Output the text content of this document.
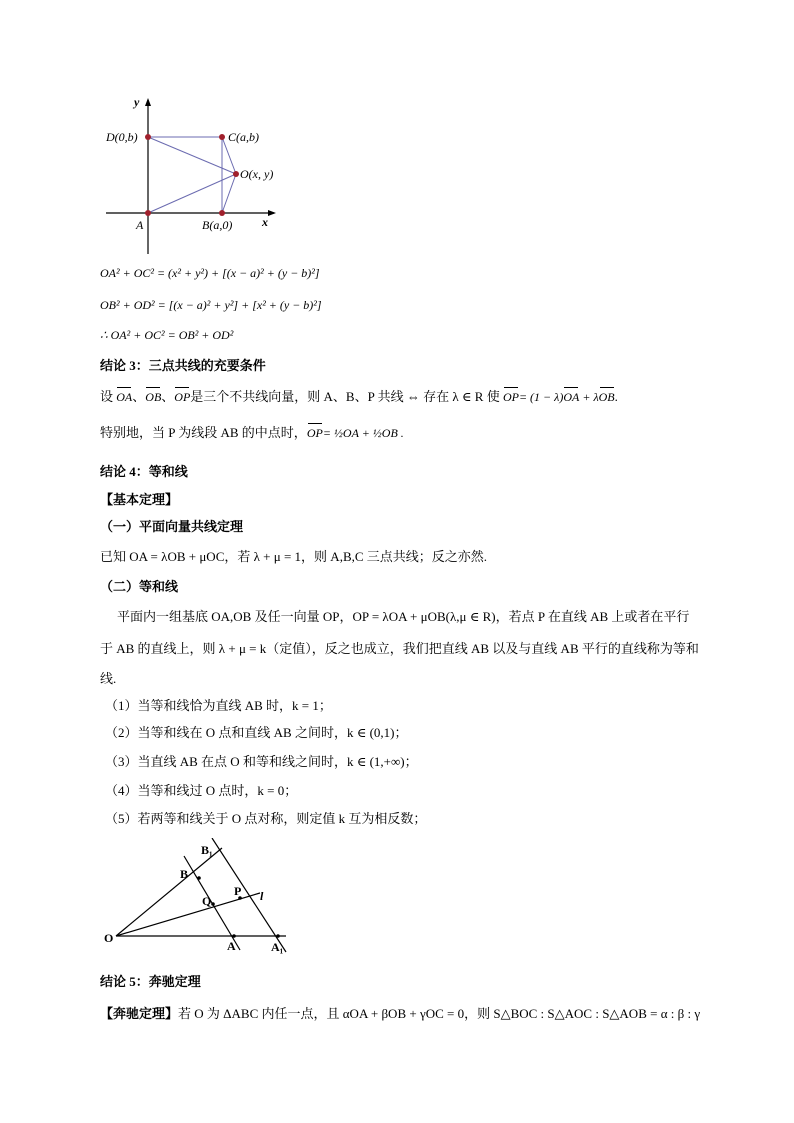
y
x
D(0,b)	C(a,b)
O(x, y)
A	B(a,0)
OA² + OC² = (x² + y²) + [(x − a)² + (y − b)²]
OB² + OD² = [(x − a)² + y²] + [x² + (y − b)²]
∴ OA² + OC² = OB² + OD²
结论 3：三点共线的充要条件
设 OA、OB、OP是三个不共线向量，则 A、B、P 共线 ⇔ 存在 λ ∈ R 使 OP= (1 − λ)OA + λOB.
特别地，当 P 为线段 AB 的中点时，OP= ½OA + ½OB .
结论 4：等和线
【基本定理】
（一）平面向量共线定理
已知 OA = λOB + μOC，若 λ + μ = 1，则 A,B,C 三点共线；反之亦然.
（二）等和线
平面内一组基底 OA,OB 及任一向量 OP，OP = λOA + μOB(λ,μ ∈ R)，若点 P 在直线 AB 上或者在平行
于 AB 的直线上，则 λ + μ = k（定值），反之也成立，我们把直线 AB 以及与直线 AB 平行的直线称为等和
线.
（1）当等和线恰为直线 AB 时，k = 1；
（2）当等和线在 O 点和直线 AB 之间时，k ∈ (0,1)；
（3）当直线 AB 在点 O 和等和线之间时，k ∈ (1,+∞)；
（4）当等和线过 O 点时，k = 0；
（5）若两等和线关于 O 点对称，则定值 k 互为相反数；
O
A	A₁
B
B₁
Q
P l
结论 5：奔驰定理
【奔驰定理】若 O 为 ΔABC 内任一点，且 αOA + βOB + γOC = 0，则 S△BOC : S△AOC : S△AOB = α : β : γ
